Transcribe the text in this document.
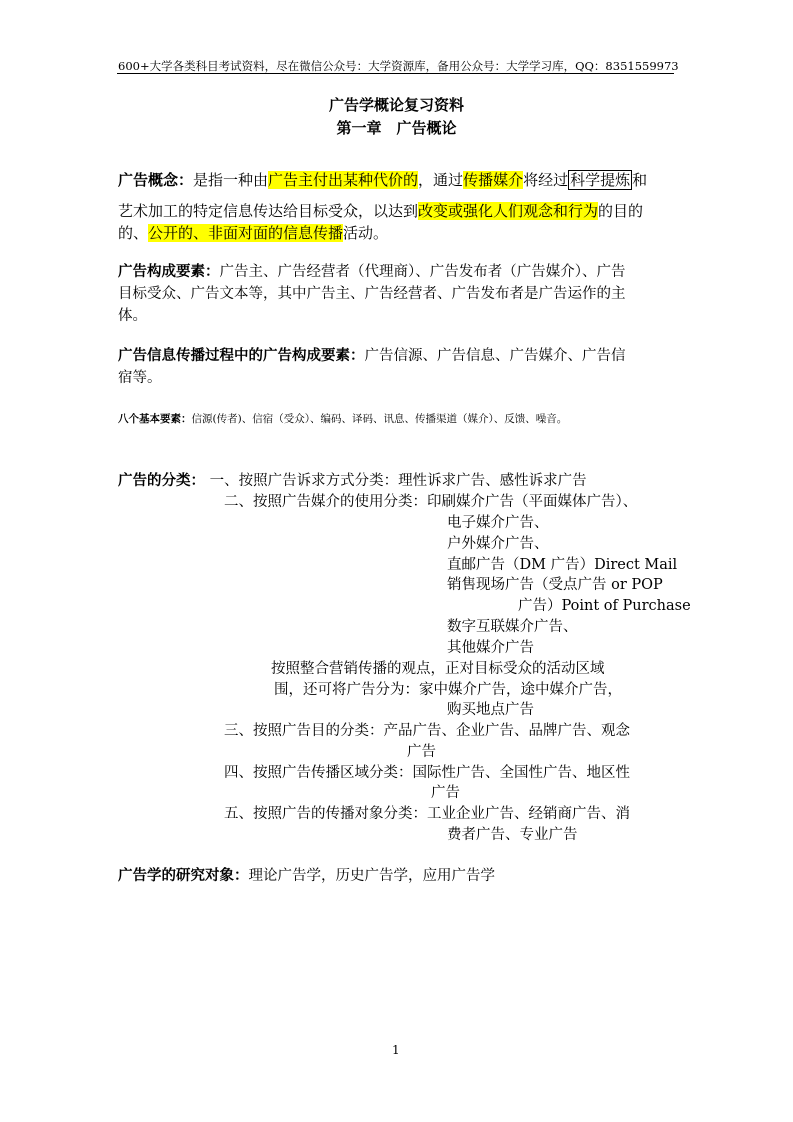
600+大学各类科目考试资料，尽在微信公众号：大学资源库，备用公众号：大学学习库，QQ：8351559973
广告学概论复习资料
第一章　广告概论
广告概念：是指一种由广告主付出某种代价的，通过传播媒介将经过 科学提炼 和
艺术加工的特定信息传达给目标受众，以达到改变或强化人们观念和行为的目的
的、公开的、非面对面的信息传播活动。
广告构成要素：广告主、广告经营者（代理商）、广告发布者（广告媒介）、广告
目标受众、广告文本等，其中广告主、广告经营者、广告发布者是广告运作的主
体。
广告信息传播过程中的广告构成要素：广告信源、广告信息、广告媒介、广告信
宿等。
八个基本要素：信源(传者)、信宿（受众）、编码、译码、讯息、传播渠道（媒介）、反馈、噪音。
广告的分类： 一、按照广告诉求方式分类：理性诉求广告、感性诉求广告
二、按照广告媒介的使用分类：印刷媒介广告（平面媒体广告）、
电子媒介广告、
户外媒介广告、
直邮广告（DM 广告）Direct Mail
销售现场广告（受点广告 or POP
广告）Point of Purchase
数字互联媒介广告、
其他媒介广告
按照整合营销传播的观点，正对目标受众的活动区域
围，还可将广告分为：家中媒介广告，途中媒介广告，
购买地点广告
三、按照广告目的分类：产品广告、企业广告、品牌广告、观念
广告
四、按照广告传播区域分类：国际性广告、全国性广告、地区性
广告
五、按照广告的传播对象分类：工业企业广告、经销商广告、消
费者广告、专业广告
广告学的研究对象：理论广告学，历史广告学，应用广告学
1
